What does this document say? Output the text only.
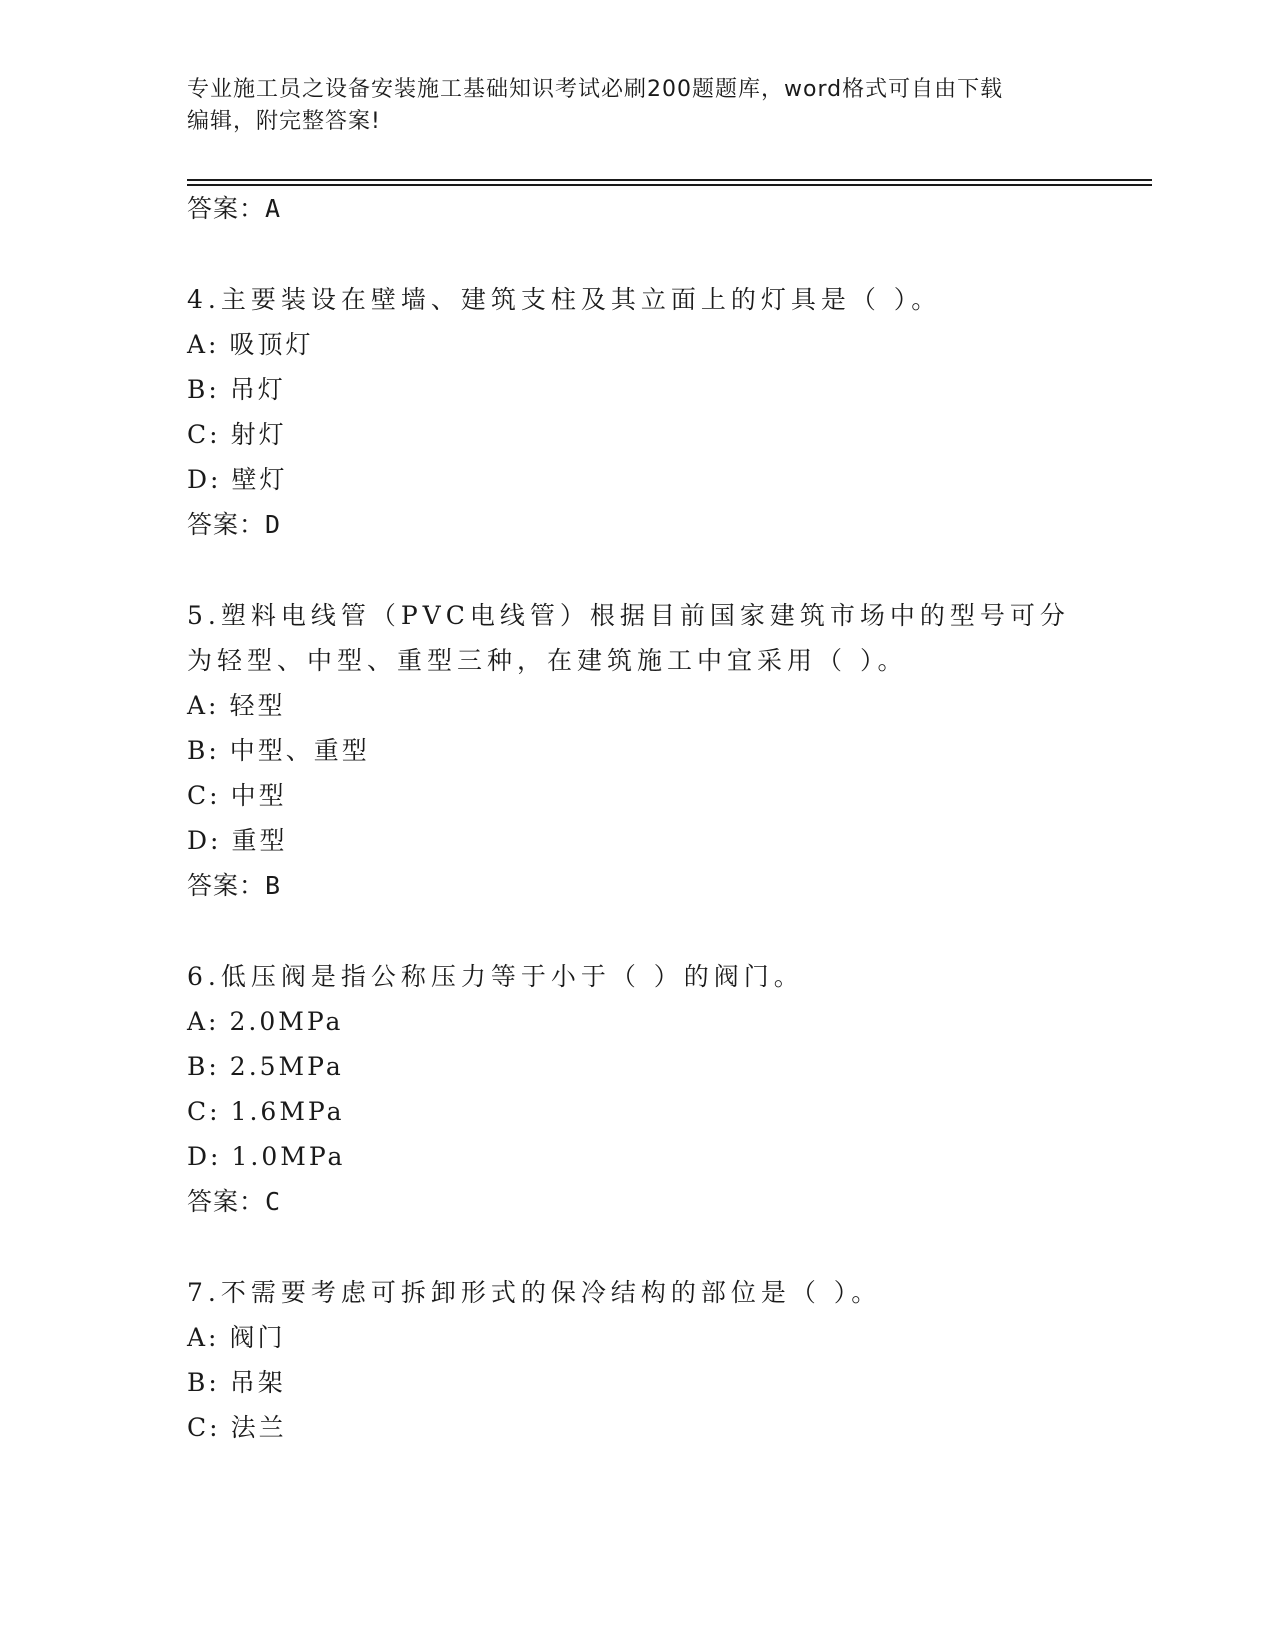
专业施工员之设备安装施工基础知识考试必刷200题题库，word格式可自由下载
编辑，附完整答案!
答案：A
4.主要装设在壁墙、建筑支柱及其立面上的灯具是（ ）。
A: 吸顶灯
B: 吊灯
C: 射灯
D: 壁灯
答案：D
5.塑料电线管（PVC电线管）根据目前国家建筑市场中的型号可分为轻型、中型、重型三种，在建筑施工中宜采用（ ）。
A: 轻型
B: 中型、重型
C: 中型
D: 重型
答案：B
6.低压阀是指公称压力等于小于（ ）的阀门。
A: 2.0MPa
B: 2.5MPa
C: 1.6MPa
D: 1.0MPa
答案：C
7.不需要考虑可拆卸形式的保冷结构的部位是（ ）。
A: 阀门
B: 吊架
C: 法兰
